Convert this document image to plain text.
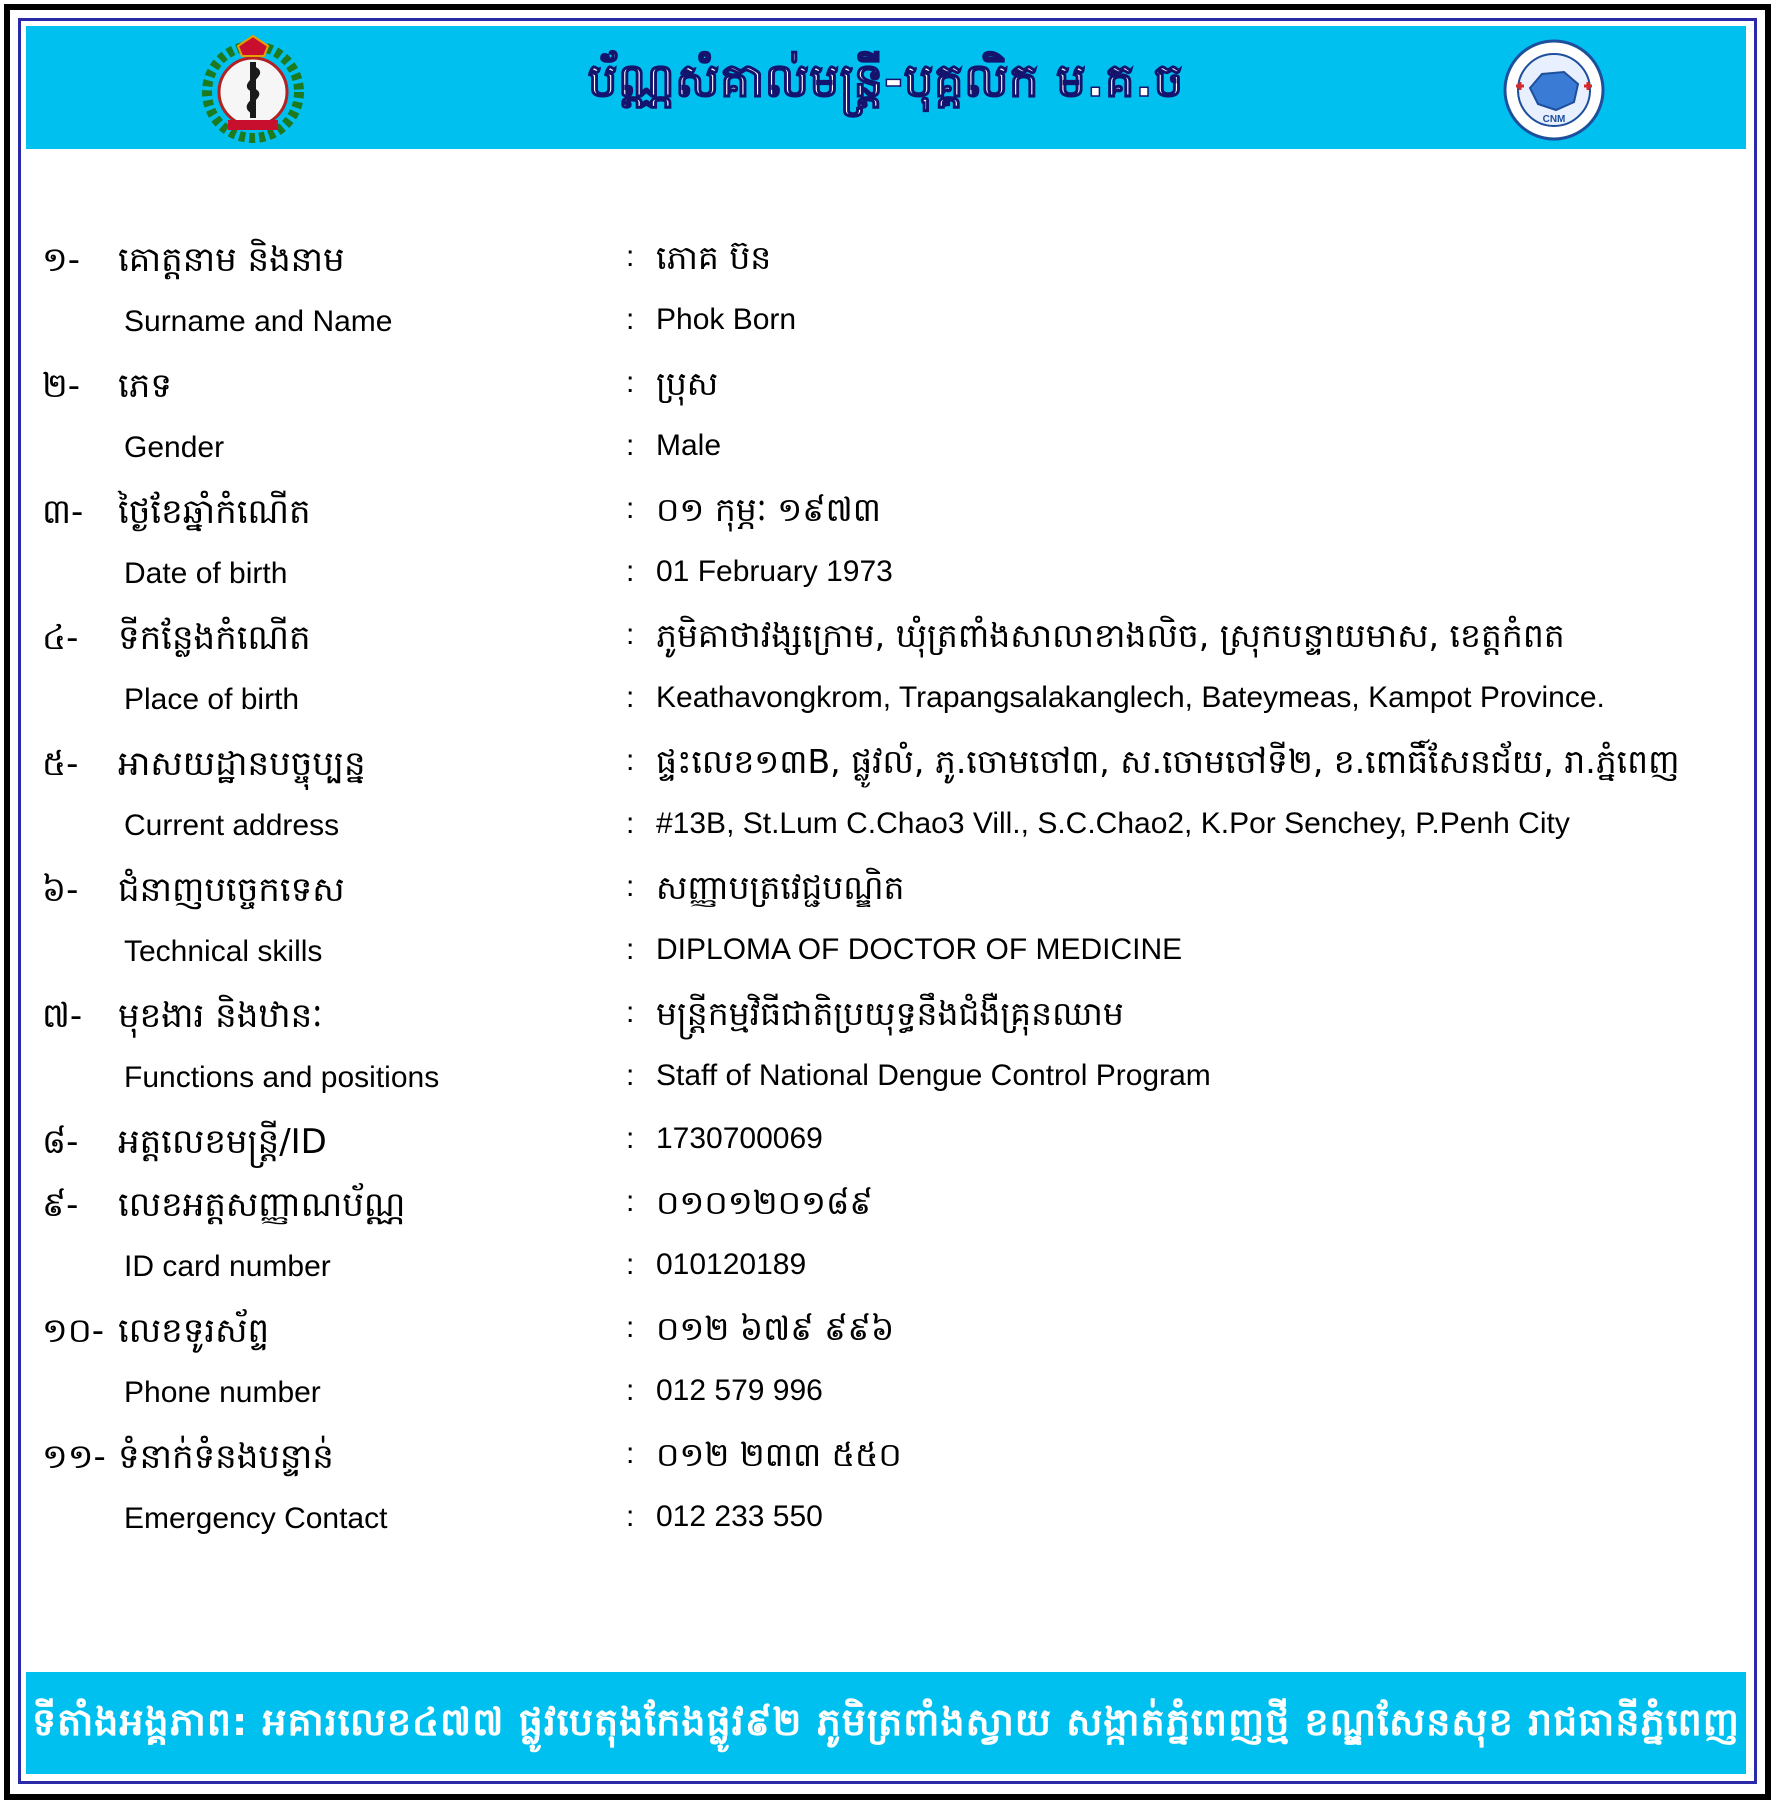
ប័ណ្ណសំគាល់មន្ត្រី-បុគ្គលិក ម.គ.ច
CNM
១- គោត្តនាម និងនាម	: ភោគ ប៊ន
Surname and Name	: Phok Born
២- ភេទ	: ប្រុស
Gender	: Male
៣- ថ្ងៃខែឆ្នាំកំណើត	: ០១ កុម្ភៈ ១៩៧៣
Date of birth	: 01 February 1973
៤- ទីកន្លែងកំណើត	: ភូមិគាថាវង្សក្រោម, ឃុំត្រពាំងសាលាខាងលិច, ស្រុកបន្ទាយមាស, ខេត្តកំពត
Place of birth	: Keathavongkrom, Trapangsalakanglech, Bateymeas, Kampot Province.
៥- អាសយដ្ឋានបច្ចុប្បន្ន	: ផ្ទះលេខ១៣B, ផ្លូវលំ, ភូ.ចោមចៅ៣, ស.ចោមចៅទី២, ខ.ពោធិ៍សែនជ័យ, រា.ភ្នំពេញ
Current address	: #13B, St.Lum C.Chao3 Vill., S.C.Chao2, K.Por Senchey, P.Penh City
៦- ជំនាញបច្ចេកទេស	: សញ្ញាបត្រវេជ្ជបណ្ឌិត
Technical skills	: DIPLOMA OF DOCTOR OF MEDICINE
៧- មុខងារ និងឋានៈ	: មន្ត្រីកម្មវិធីជាតិប្រយុទ្ធនឹងជំងឺគ្រុនឈាម
Functions and positions	: Staff of National Dengue Control Program
៨- អត្តលេខមន្ត្រី/ID	: 1730700069
៩- លេខអត្តសញ្ញាណប័ណ្ណ	: ០១០១២០១៨៩
ID card number	: 010120189
១០- លេខទូរស័ព្ទ	: ០១២ ៦៧៩ ៩៩៦
Phone number	: 012 579 996
១១- ទំនាក់ទំនងបន្ទាន់	: ០១២ ២៣៣ ៥៥០
Emergency Contact	: 012 233 550
ទីតាំងអង្គភាព: អគារលេខ៤៧៧ ផ្លូវបេតុងកែងផ្លូវ៩២ ភូមិត្រពាំងស្វាយ សង្កាត់ភ្នំពេញថ្មី ខណ្ឌសែនសុខ រាជធានីភ្នំពេញ
